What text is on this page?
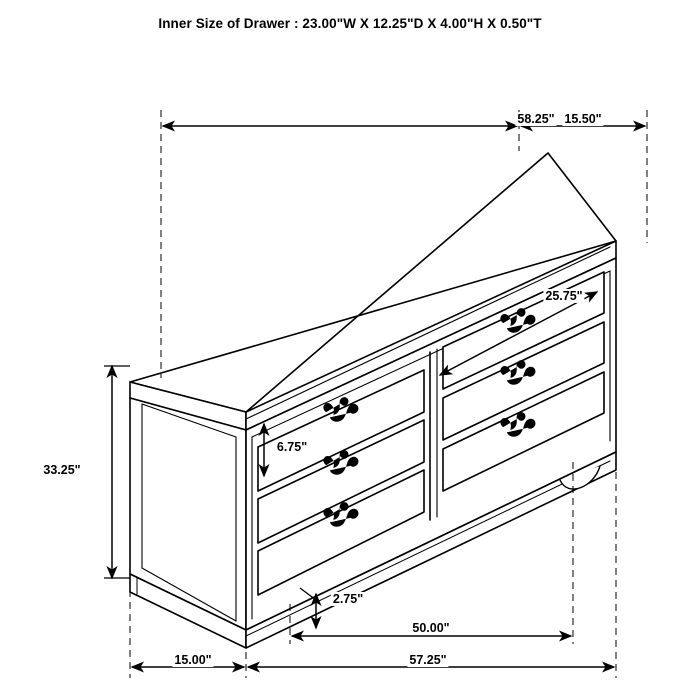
Inner Size of Drawer : 23.00"W X 12.25"D X 4.00"H X 0.50"T
58.25" 15.50"
25.75"
33.25"
6.75"
2.75"
50.00"
15.00"	57.25"
